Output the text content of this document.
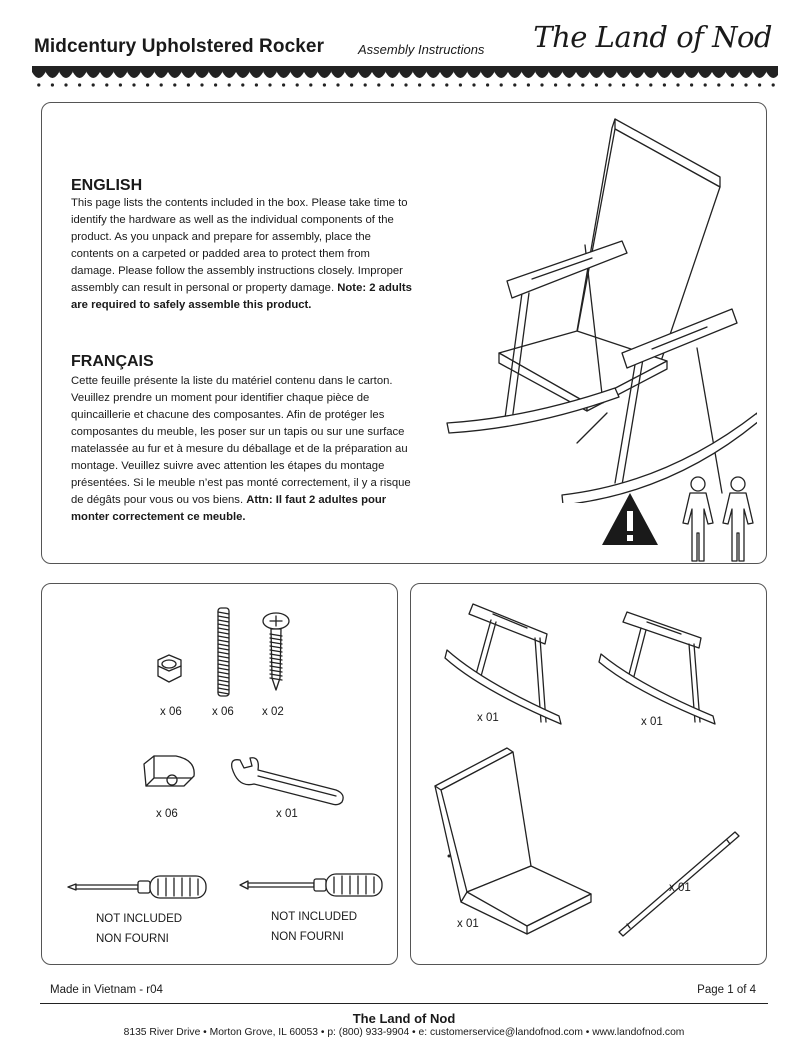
Midcentury Upholstered Rocker	Assembly Instructions The Land of Nod
ENGLISH
This page lists the contents included in the box. Please take time to identify the hardware as well as the individual components of the product. As you unpack and prepare for assembly, place the contents on a carpeted or padded area to protect them from damage. Please follow the assembly instructions closely. Improper assembly can result in personal or property damage. Note: 2 adults are required to safely assemble this product.
FRANÇAIS
Cette feuille présente la liste du matériel contenu dans le carton. Veuillez prendre un moment pour identifier chaque pièce de quincaillerie et chacune des composantes. Afin de protéger les composantes du meuble, les poser sur un tapis ou sur une surface matelassée au fur et à mesure du déballage et de la préparation au montage. Veuillez suivre avec attention les étapes du montage présentées. Si le meuble n’est pas monté correctement, il y a risque de dégâts pour vous ou vos biens. Attn: Il faut 2 adultes pour monter correctement ce meuble.
x 06	x 06 x 02
x 06	x 01
NOT INCLUDED
NON FOURNI
NOT INCLUDED
NON FOURNI
x 01	x 01
x 01
x 01
Made in Vietnam - r04	Page 1 of 4
The Land of Nod
8135 River Drive • Morton Grove, IL 60053 • p: (800) 933-9904 • e: customerservice@landofnod.com • www.landofnod.com
